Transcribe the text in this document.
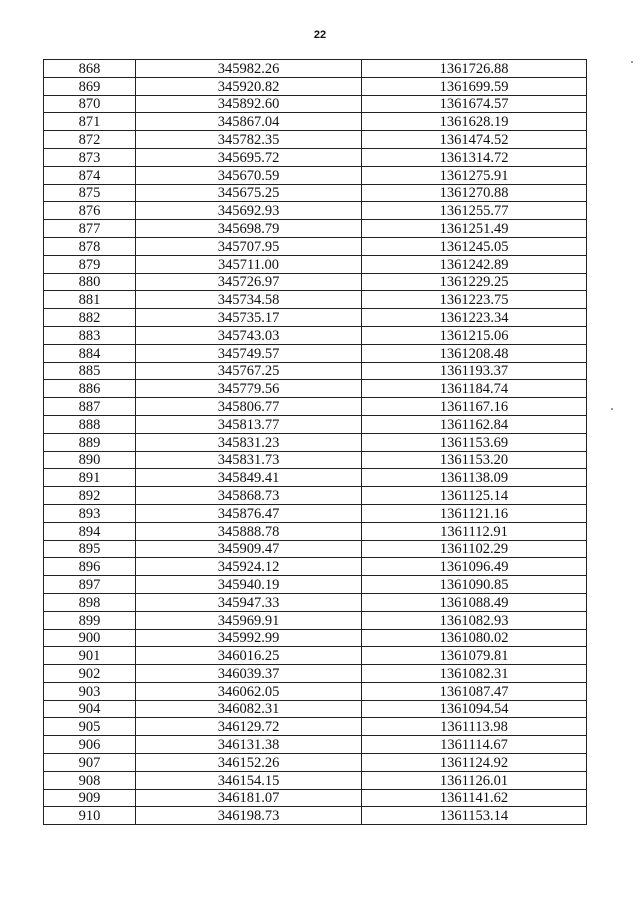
22
868	345982.26	1361726.88
869	345920.82	1361699.59
870	345892.60	1361674.57
871	345867.04	1361628.19
872	345782.35	1361474.52
873	345695.72	1361314.72
874	345670.59	1361275.91
875	345675.25	1361270.88
876	345692.93	1361255.77
877	345698.79	1361251.49
878	345707.95	1361245.05
879	345711.00	1361242.89
880	345726.97	1361229.25
881	345734.58	1361223.75
882	345735.17	1361223.34
883	345743.03	1361215.06
884	345749.57	1361208.48
885	345767.25	1361193.37
886	345779.56	1361184.74
887	345806.77	1361167.16
888	345813.77	1361162.84
889	345831.23	1361153.69
890	345831.73	1361153.20
891	345849.41	1361138.09
892	345868.73	1361125.14
893	345876.47	1361121.16
894	345888.78	1361112.91
895	345909.47	1361102.29
896	345924.12	1361096.49
897	345940.19	1361090.85
898	345947.33	1361088.49
899	345969.91	1361082.93
900	345992.99	1361080.02
901	346016.25	1361079.81
902	346039.37	1361082.31
903	346062.05	1361087.47
904	346082.31	1361094.54
905	346129.72	1361113.98
906	346131.38	1361114.67
907	346152.26	1361124.92
908	346154.15	1361126.01
909	346181.07	1361141.62
910	346198.73	1361153.14
